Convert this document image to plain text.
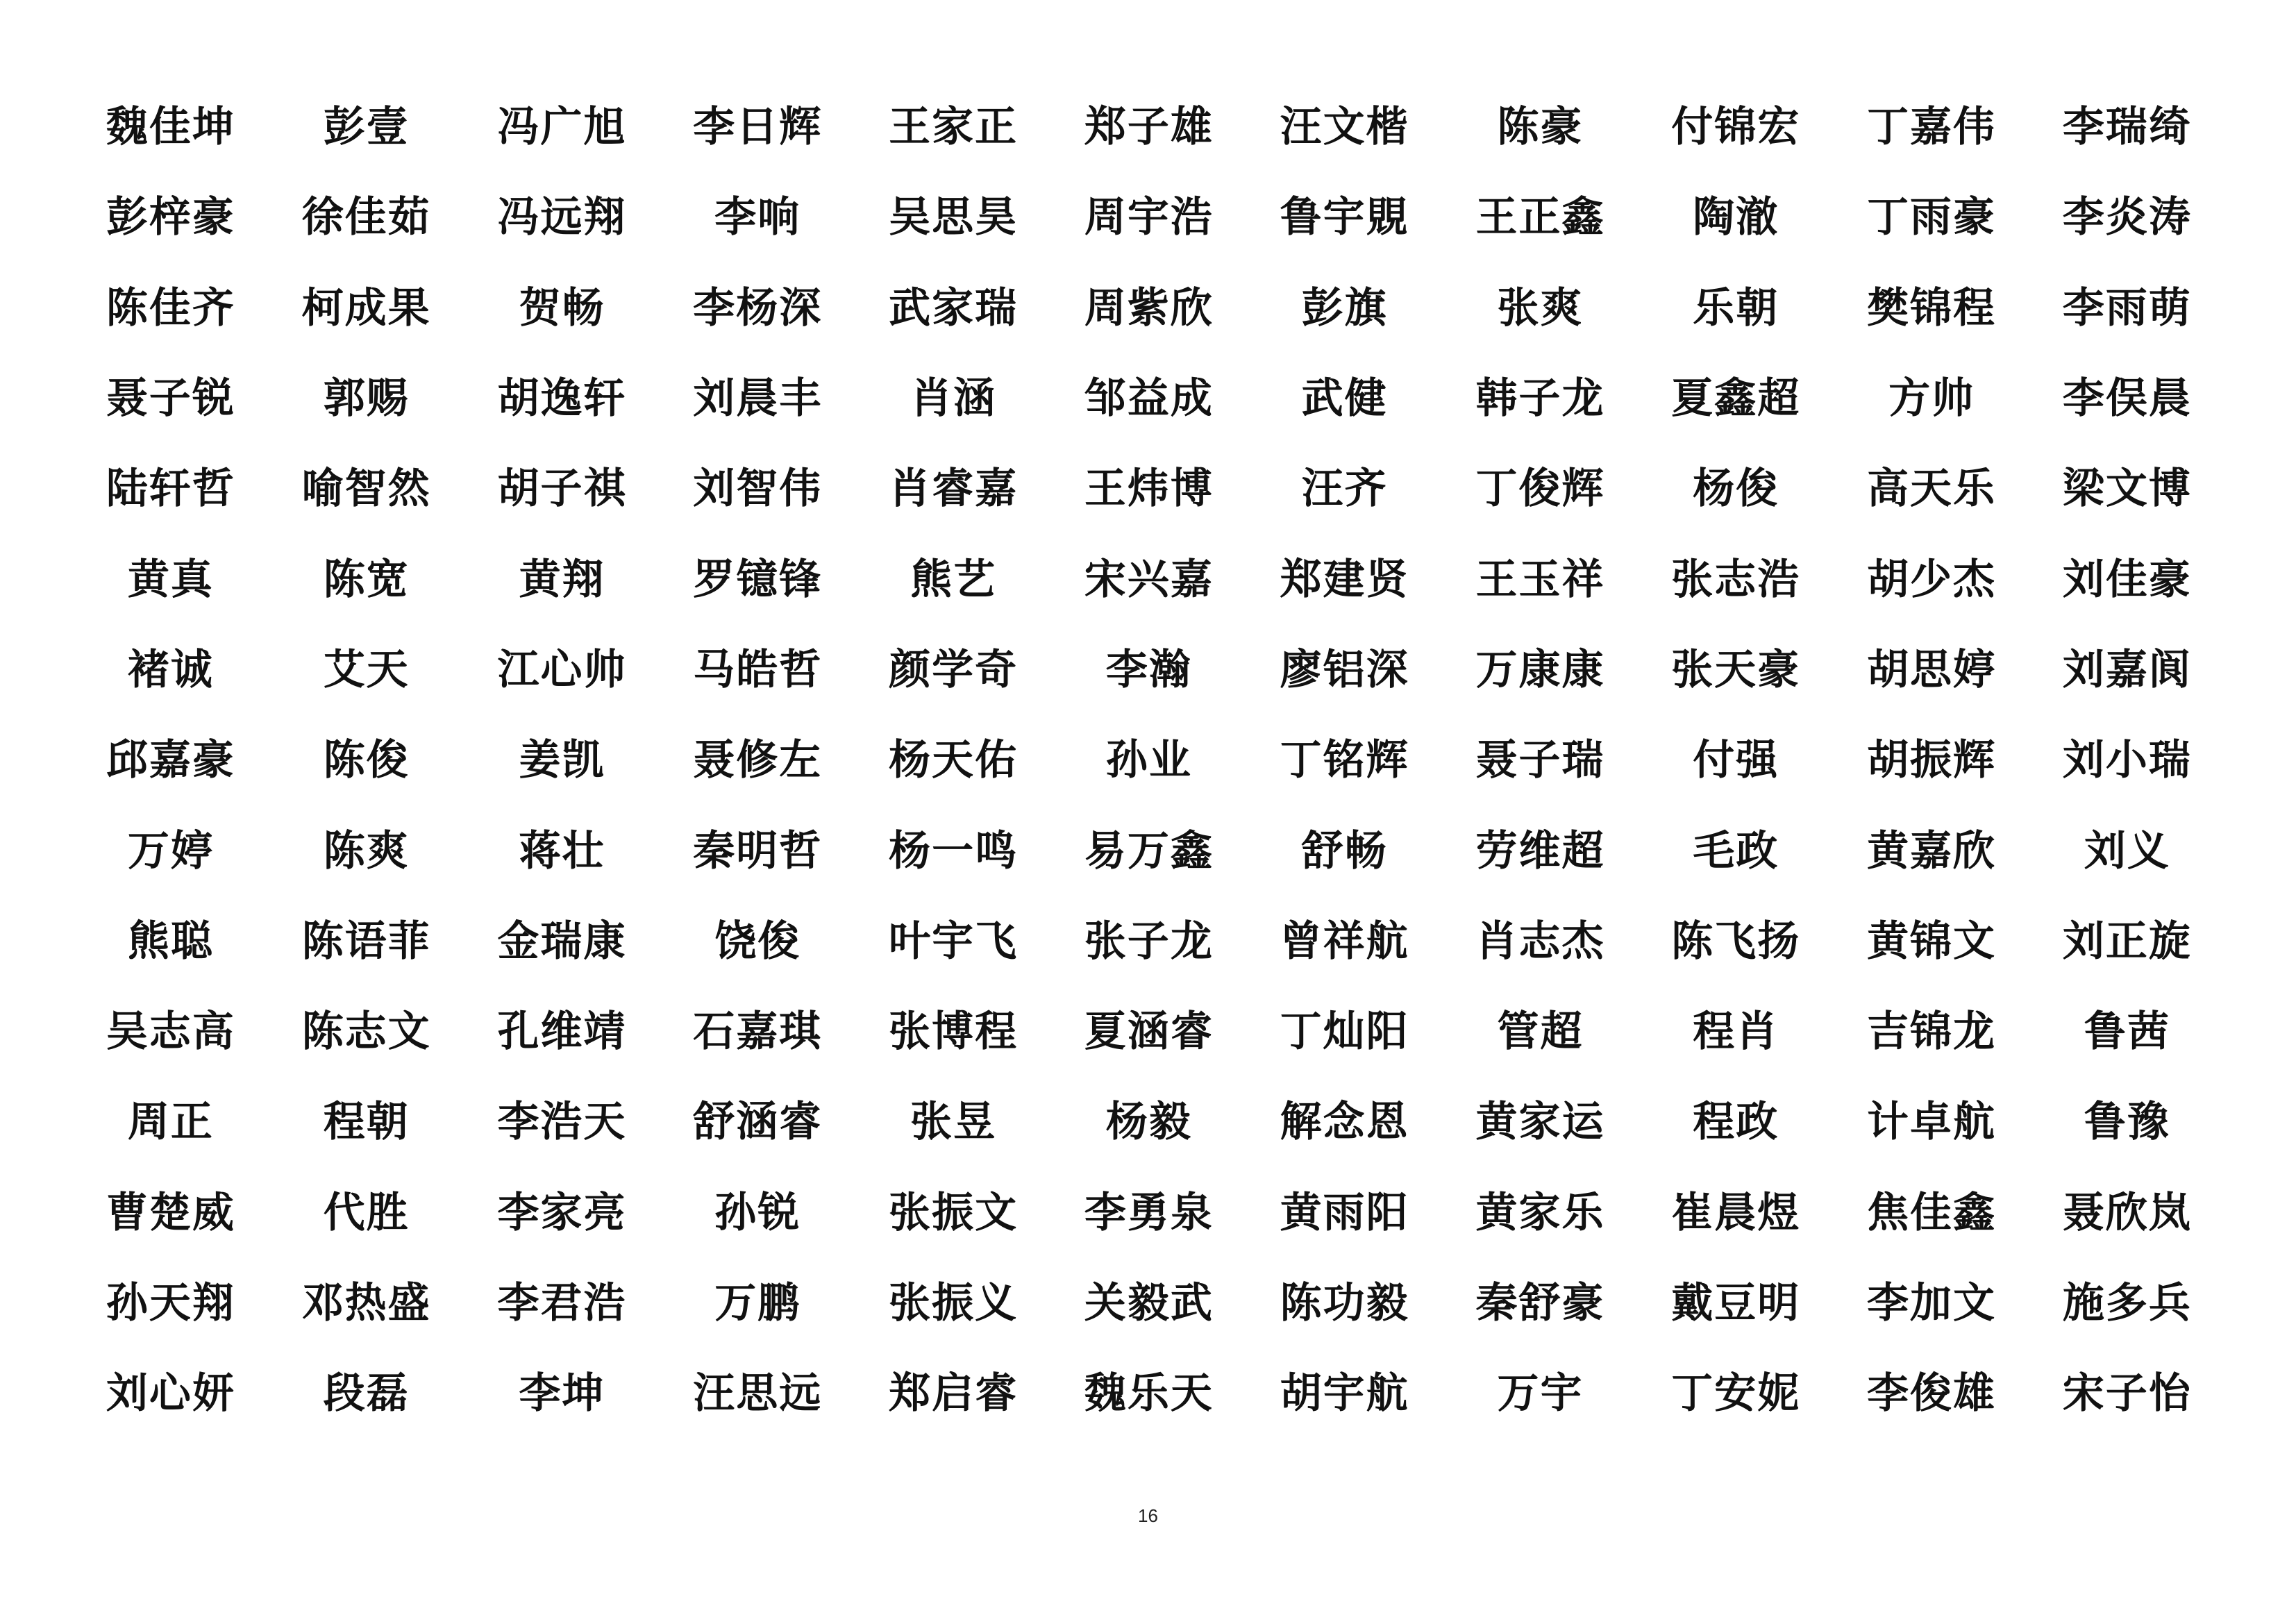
魏佳坤 彭壹 冯广旭 李日辉 王家正 郑子雄 汪文楷 陈豪 付锦宏 丁嘉伟 李瑞绮
彭梓豪 徐佳茹 冯远翔 李响 吴思昊 周宇浩 鲁宇覞 王正鑫 陶澈 丁雨豪 李炎涛
陈佳齐 柯成果 贺畅 李杨深 武家瑞 周紫欣 彭旗	张爽	乐朝 樊锦程 李雨萌
聂子锐 郭赐 胡逸轩 刘晨丰 肖涵 邹益成 武健 韩子龙 夏鑫超 方帅 李俣晨
陆轩哲 喻智然 胡子祺 刘智伟 肖睿嘉 王炜博 汪齐 丁俊辉 杨俊 高天乐 梁文博
黄真	陈宽	黄翔 罗镱锋 熊艺 宋兴嘉 郑建贤 王玉祥 张志浩 胡少杰 刘佳豪
褚诚	艾天 江心帅 马皓哲 颜学奇 李瀚 廖铝深 万康康 张天豪 胡思婷 刘嘉阆
邱嘉豪 陈俊	姜凯 聂修左 杨天佑 孙业 丁铭辉 聂子瑞 付强 胡振辉 刘小瑞
万婷	陈爽	蒋壮 秦明哲 杨一鸣 易万鑫 舒畅 劳维超 毛政 黄嘉欣 刘义
熊聪 陈语菲 金瑞康 饶俊 叶宇飞 张子龙 曾祥航 肖志杰 陈飞扬 黄锦文 刘正旋
吴志高 陈志文 孔维靖 石嘉琪 张博程 夏涵睿 丁灿阳 管超	程肖 吉锦龙 鲁茜
周正	程朝 李浩天 舒涵睿 张昱	杨毅 解念恩 黄家运 程政 计卓航 鲁豫
曹楚威 代胜 李家亮 孙锐 张振文 李勇泉 黄雨阳 黄家乐 崔晨煜 焦佳鑫 聂欣岚
孙天翔 邓热盛 李君浩 万鹏 张振义 关毅武 陈功毅 秦舒豪 戴豆明 李加文 施多兵
刘心妍 段磊	李坤 汪思远 郑启睿 魏乐天 胡宇航 万宇 丁安妮 李俊雄 宋子怡
16
